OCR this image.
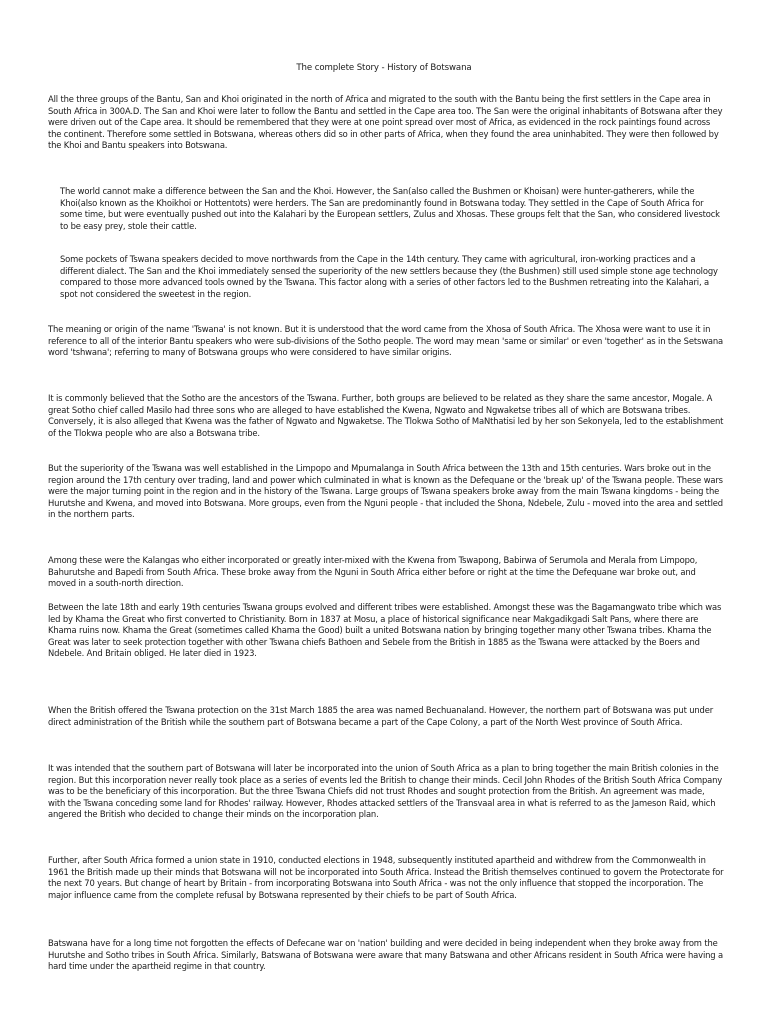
The complete Story - History of Botswana

All the three groups of the Bantu, San and Khoi originated in the north of Africa and migrated to the south with the Bantu being the first settlers in the Cape area in South Africa in 300A.D. The San and Khoi were later to follow the Bantu and settled in the Cape area too. The San were the original inhabitants of Botswana after they were driven out of the Cape area. It should be remembered that they were at one point spread over most of Africa, as evidenced in the rock paintings found across the continent. Therefore some settled in Botswana, whereas others did so in other parts of Africa, when they found the area uninhabited. They were then followed by the Khoi and Bantu speakers into Botswana.

The world cannot make a difference between the San and the Khoi. However, the San(also called the Bushmen or Khoisan) were hunter-gatherers, while the Khoi(also known as the Khoikhoi or Hottentots) were herders. The San are predominantly found in Botswana today. They settled in the Cape of South Africa for some time, but were eventually pushed out into the Kalahari by the European settlers, Zulus and Xhosas. These groups felt that the San, who considered livestock to be easy prey, stole their cattle.

Some pockets of Tswana speakers decided to move northwards from the Cape in the 14th century. They came with agricultural, iron-working practices and a different dialect. The San and the Khoi immediately sensed the superiority of the new settlers because they (the Bushmen) still used simple stone age technology compared to those more advanced tools owned by the Tswana. This factor along with a series of other factors led to the Bushmen retreating into the Kalahari, a spot not considered the sweetest in the region.

The meaning or origin of the name 'Tswana' is not known. But it is understood that the word came from the Xhosa of South Africa. The Xhosa were want to use it in reference to all of the interior Bantu speakers who were sub-divisions of the Sotho people. The word may mean 'same or similar' or even 'together' as in the Setswana word 'tshwana'; referring to many of Botswana groups who were considered to have similar origins.

It is commonly believed that the Sotho are the ancestors of the Tswana. Further, both groups are believed to be related as they share the same ancestor, Mogale. A great Sotho chief called Masilo had three sons who are alleged to have established the Kwena, Ngwato and Ngwaketse tribes all of which are Botswana tribes. Conversely, it is also alleged that Kwena was the father of Ngwato and Ngwaketse. The Tlokwa Sotho of MaNthatisi led by her son Sekonyela, led to the establishment of the Tlokwa people who are also a Botswana tribe.

But the superiority of the Tswana was well established in the Limpopo and Mpumalanga in South Africa between the 13th and 15th centuries. Wars broke out in the region around the 17th century over trading, land and power which culminated in what is known as the Defequane or the 'break up' of the Tswana people. These wars were the major turning point in the region and in the history of the Tswana. Large groups of Tswana speakers broke away from the main Tswana kingdoms - being the Hurutshe and Kwena, and moved into Botswana. More groups, even from the Nguni people - that included the Shona, Ndebele, Zulu - moved into the area and settled in the northern parts.

Among these were the Kalangas who either incorporated or greatly inter-mixed with the Kwena from Tswapong, Babirwa of Serumola and Merala from Limpopo, Bahurutshe and Bapedi from South Africa. These broke away from the Nguni in South Africa either before or right at the time the Defequane war broke out, and moved in a south-north direction.

Between the late 18th and early 19th centuries Tswana groups evolved and different tribes were established. Amongst these was the Bagamangwato tribe which was led by Khama the Great who first converted to Christianity. Born in 1837 at Mosu, a place of historical significance near Makgadikgadi Salt Pans, where there are Khama ruins now. Khama the Great (sometimes called Khama the Good) built a united Botswana nation by bringing together many other Tswana tribes. Khama the Great was later to seek protection together with other Tswana chiefs Bathoen and Sebele from the British in 1885 as the Tswana were attacked by the Boers and Ndebele. And Britain obliged. He later died in 1923.

When the British offered the Tswana protection on the 31st March 1885 the area was named Bechuanaland. However, the northern part of Botswana was put under direct administration of the British while the southern part of Botswana became a part of the Cape Colony, a part of the North West province of South Africa.

It was intended that the southern part of Botswana will later be incorporated into the union of South Africa as a plan to bring together the main British colonies in the region. But this incorporation never really took place as a series of events led the British to change their minds. Cecil John Rhodes of the British South Africa Company was to be the beneficiary of this incorporation. But the three Tswana Chiefs did not trust Rhodes and sought protection from the British. An agreement was made, with the Tswana conceding some land for Rhodes' railway. However, Rhodes attacked settlers of the Transvaal area in what is referred to as the Jameson Raid, which angered the British who decided to change their minds on the incorporation plan.

Further, after South Africa formed a union state in 1910, conducted elections in 1948, subsequently instituted apartheid and withdrew from the Commonwealth in 1961 the British made up their minds that Botswana will not be incorporated into South Africa. Instead the British themselves continued to govern the Protectorate for the next 70 years. But change of heart by Britain - from incorporating Botswana into South Africa - was not the only influence that stopped the incorporation. The major influence came from the complete refusal by Botswana represented by their chiefs to be part of South Africa.

Batswana have for a long time not forgotten the effects of Defecane war on 'nation' building and were decided in being independent when they broke away from the Hurutshe and Sotho tribes in South Africa. Similarly, Batswana of Botswana were aware that many Batswana and other Africans resident in South Africa were having a hard time under the apartheid regime in that country.
